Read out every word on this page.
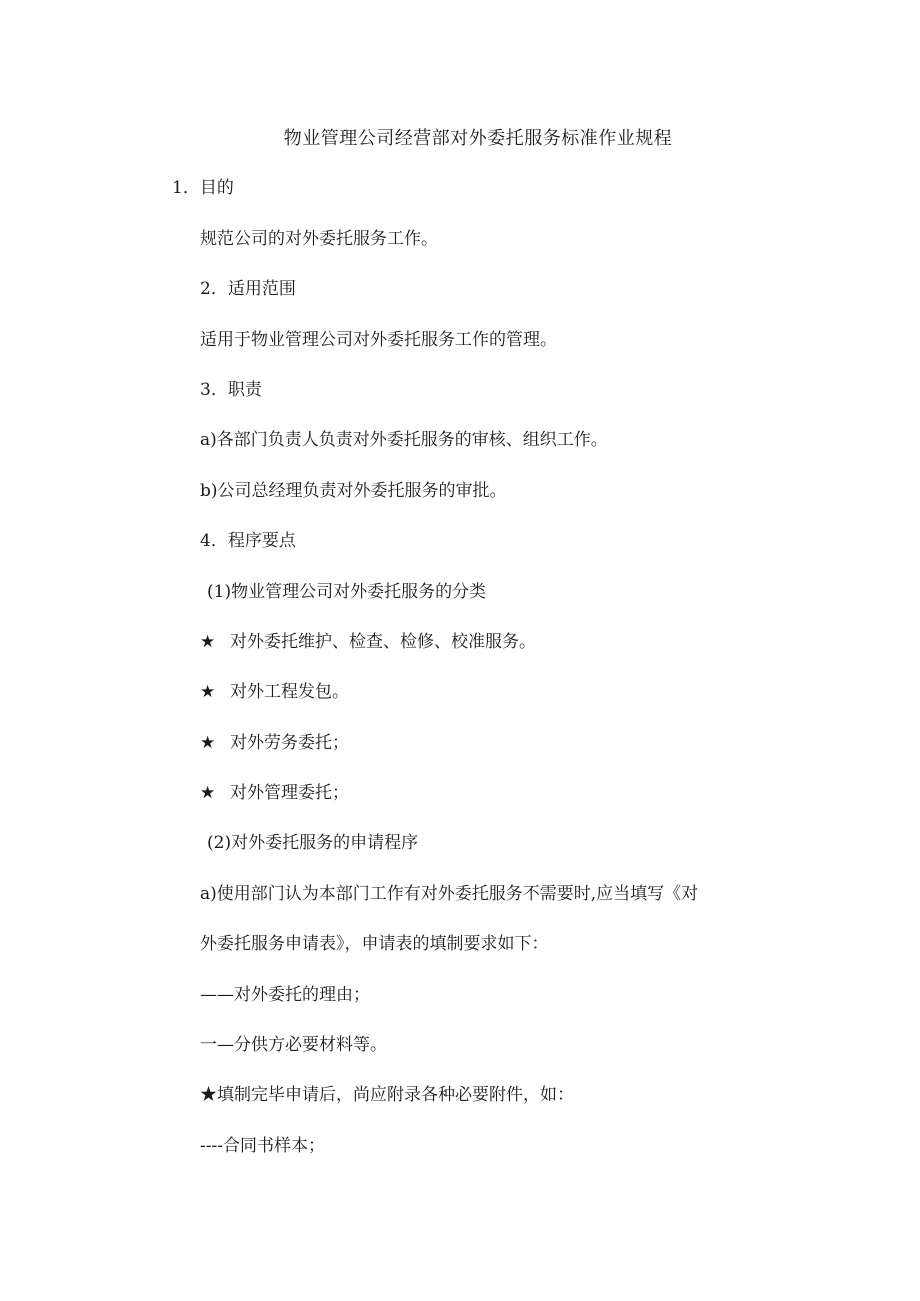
物业管理公司经营部对外委托服务标准作业规程
1．目的
规范公司的对外委托服务工作。
2．适用范围
适用于物业管理公司对外委托服务工作的管理。
3．职责
a)各部门负责人负责对外委托服务的审核、组织工作。
b)公司总经理负责对外委托服务的审批。
4．程序要点
(1)物业管理公司对外委托服务的分类
★ 对外委托维护、检查、检修、校准服务。
★ 对外工程发包。
★ 对外劳务委托；
★ 对外管理委托；
(2)对外委托服务的申请程序
a)使用部门认为本部门工作有对外委托服务不需要时,应当填写《对
外委托服务申请表》，申请表的填制要求如下：
——对外委托的理由；
一—分供方必要材料等。
★填制完毕申请后，尚应附录各种必要附件，如：
----合同书样本；
